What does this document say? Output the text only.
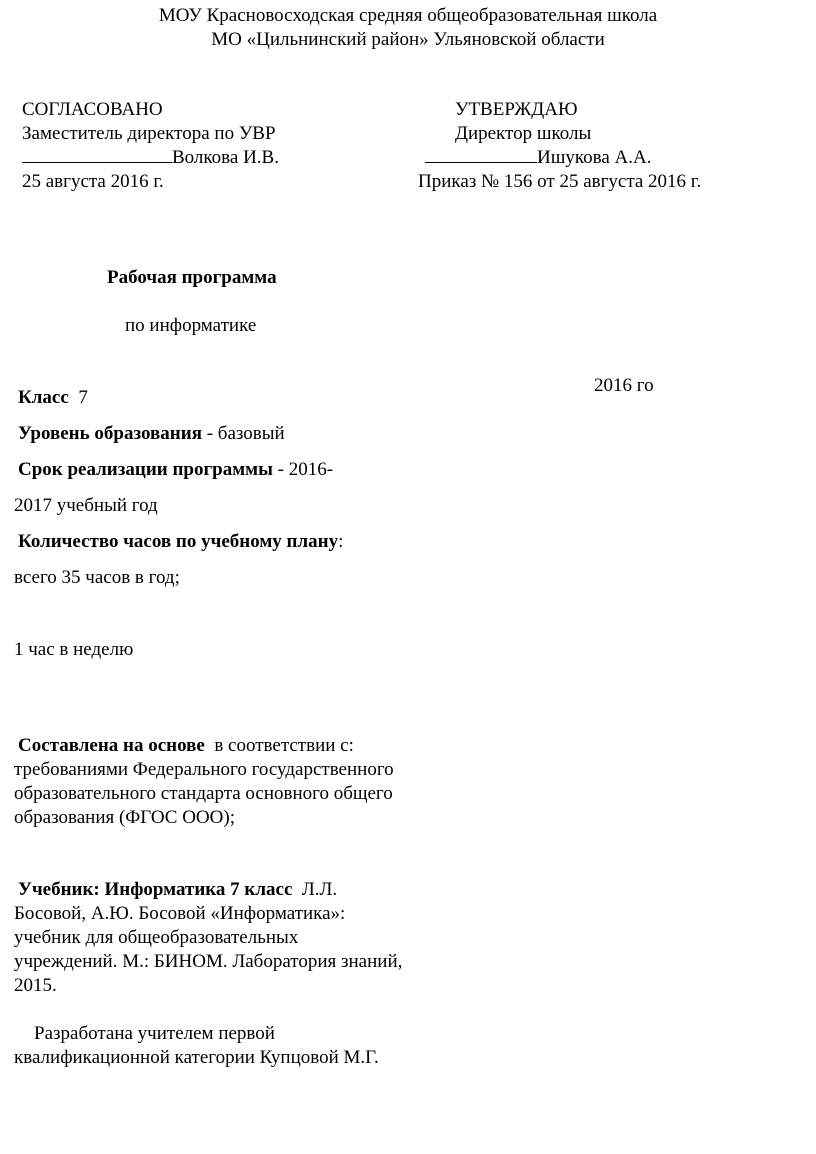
МОУ Красновосходская средняя общеобразовательная школа
МО «Цильнинский район» Ульяновской области
СОГЛАСОВАНО
Заместитель директора по УВР
Волкова И.В.
25 августа 2016 г.
УТВЕРЖДАЮ
Директор школы
Ишукова А.А.
Приказ № 156 от 25 августа 2016 г.
Рабочая программа
по информатике
2016 го
Класс 7
Уровень образования - базовый
Срок реализации программы - 2016-
2017 учебный год
Количество часов по учебному плану:
всего 35 часов в год;
1 час в неделю
Составлена на основе в соответствии с: требованиями Федерального государственного образовательного стандарта основного общего образования (ФГОС ООО);
Учебник: Информатика 7 класс Л.Л. Босовой, А.Ю. Босовой «Информатика»: учебник для общеобразовательных учреждений. М.: БИНОМ. Лаборатория знаний, 2015.
Разработана учителем первой квалификационной категории Купцовой М.Г.
